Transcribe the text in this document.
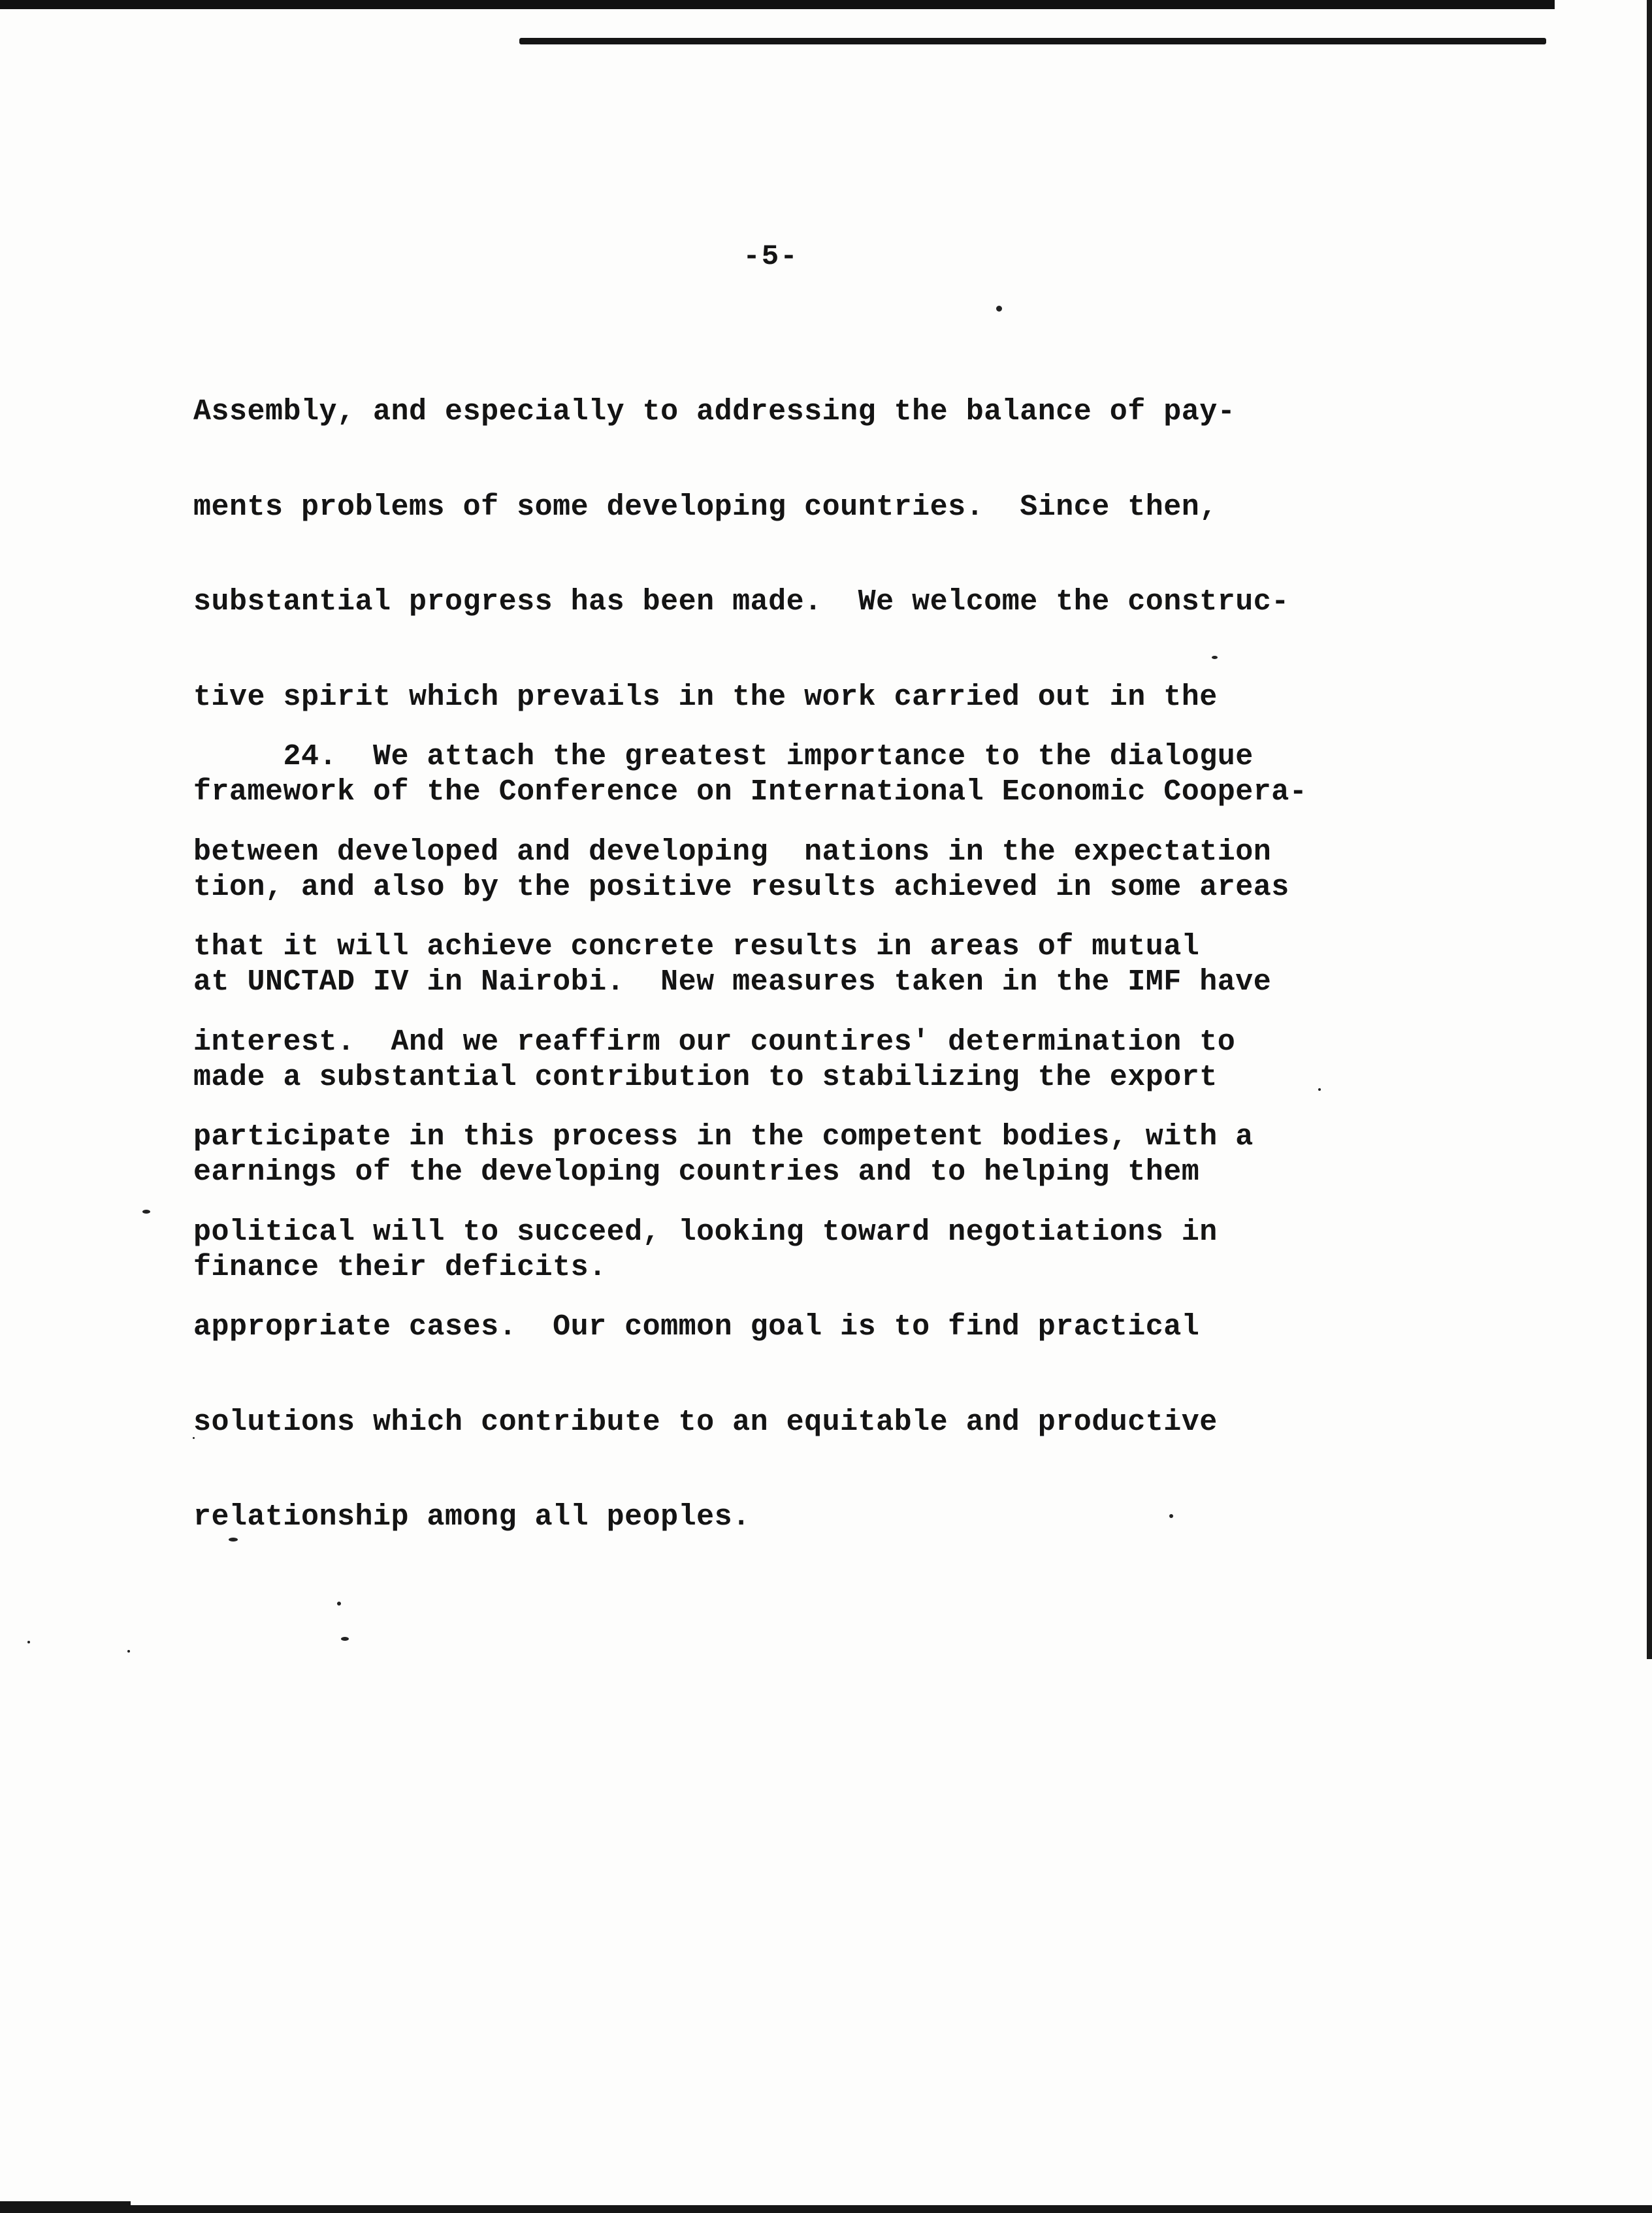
-5-

Assembly, and especially to addressing the balance of pay-

ments problems of some developing countries.  Since then,

substantial progress has been made.  We welcome the construc-

tive spirit which prevails in the work carried out in the

framework of the Conference on International Economic Coopera-

tion, and also by the positive results achieved in some areas

at UNCTAD IV in Nairobi.  New measures taken in the IMF have

made a substantial contribution to stabilizing the export

earnings of the developing countries and to helping them

finance their deficits.

24.  We attach the greatest importance to the dialogue

between developed and developing  nations in the expectation

that it will achieve concrete results in areas of mutual

interest.  And we reaffirm our countires' determination to

participate in this process in the competent bodies, with a

political will to succeed, looking toward negotiations in

appropriate cases.  Our common goal is to find practical

solutions which contribute to an equitable and productive

relationship among all peoples.
